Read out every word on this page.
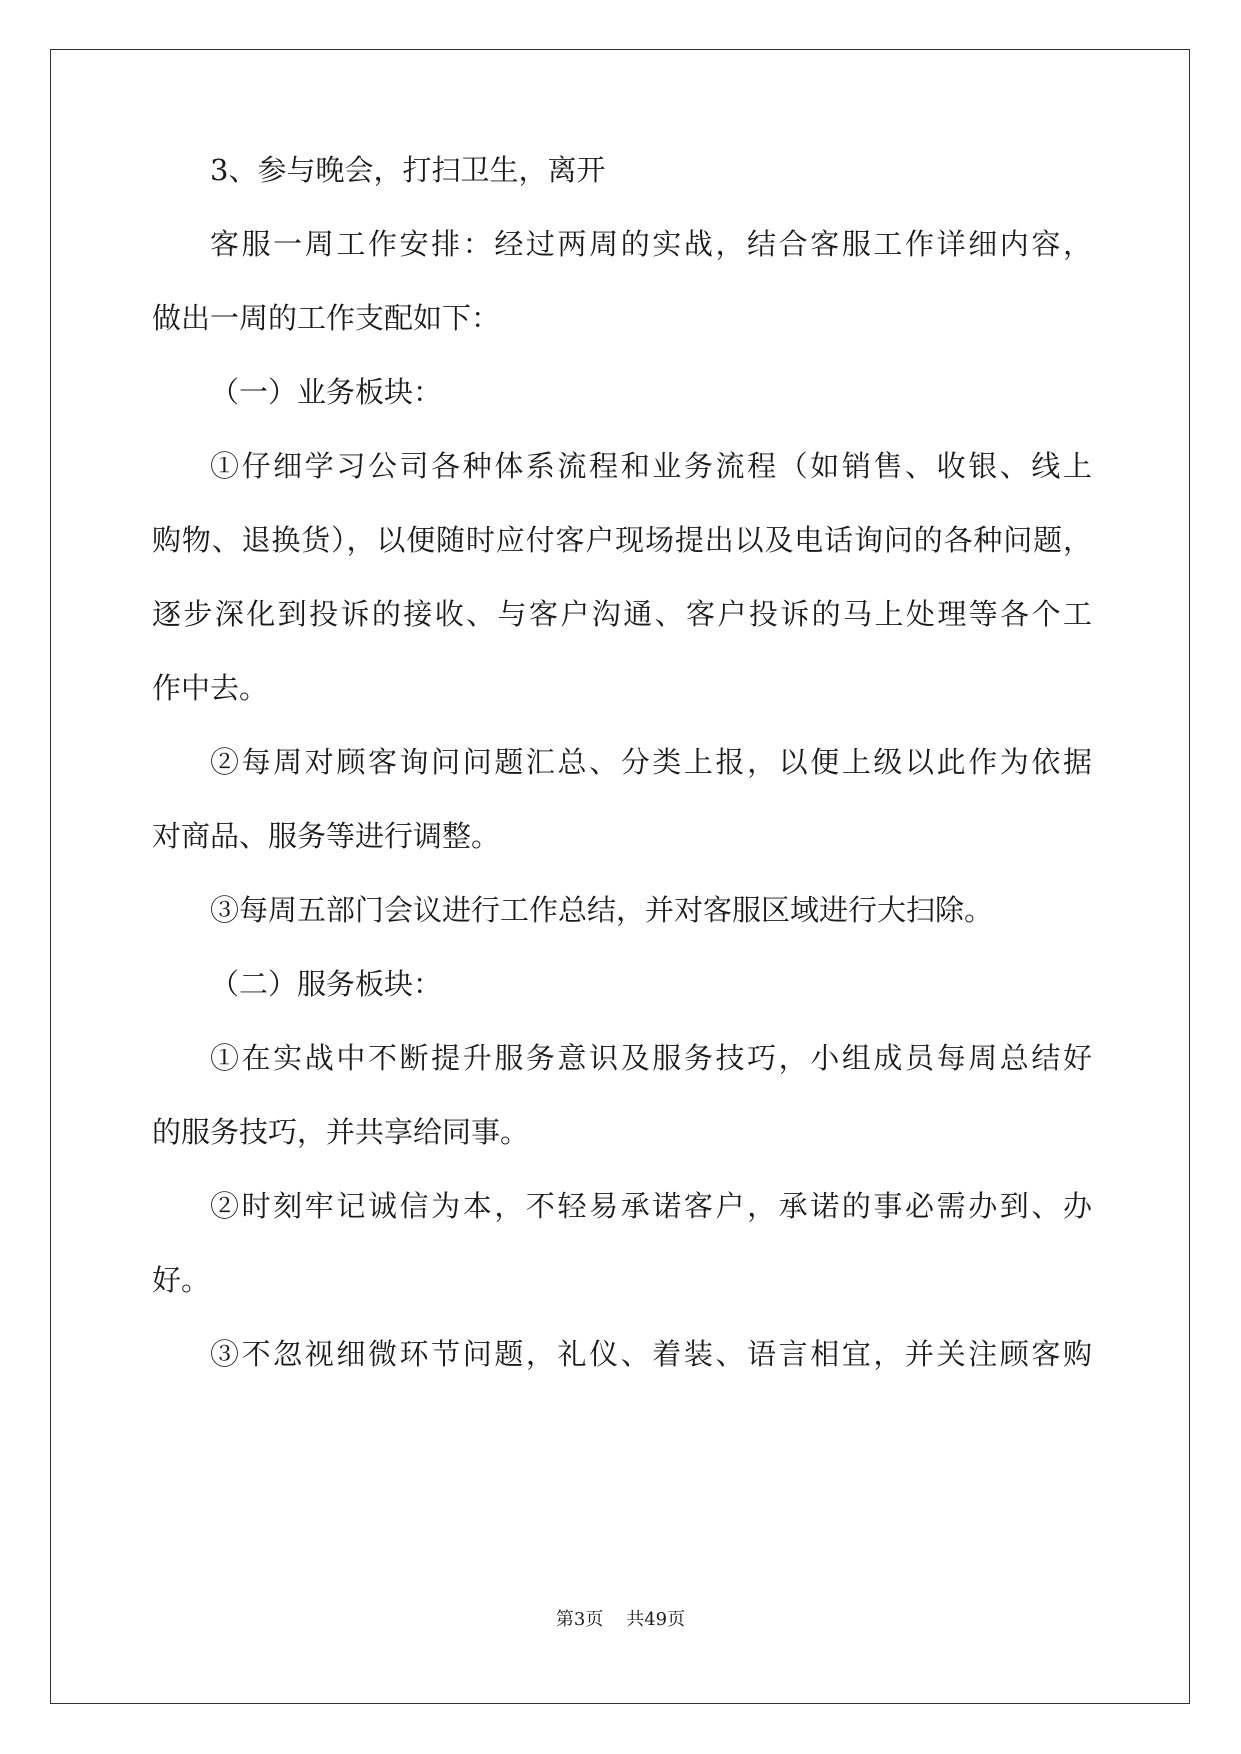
3、参与晚会，打扫卫生，离开
客服一周工作安排：经过两周的实战，结合客服工作详细内容，
做出一周的工作支配如下：
（一）业务板块：
①仔细学习公司各种体系流程和业务流程（如销售、收银、线上
购物、退换货），以便随时应付客户现场提出以及电话询问的各种问题，
逐步深化到投诉的接收、与客户沟通、客户投诉的马上处理等各个工
作中去。
②每周对顾客询问问题汇总、分类上报，以便上级以此作为依据
对商品、服务等进行调整。
③每周五部门会议进行工作总结，并对客服区域进行大扫除。
（二）服务板块：
①在实战中不断提升服务意识及服务技巧，小组成员每周总结好
的服务技巧，并共享给同事。
②时刻牢记诚信为本，不轻易承诺客户，承诺的事必需办到、办
好。
③不忽视细微环节问题，礼仪、着装、语言相宜，并关注顾客购
第3页 共49页
